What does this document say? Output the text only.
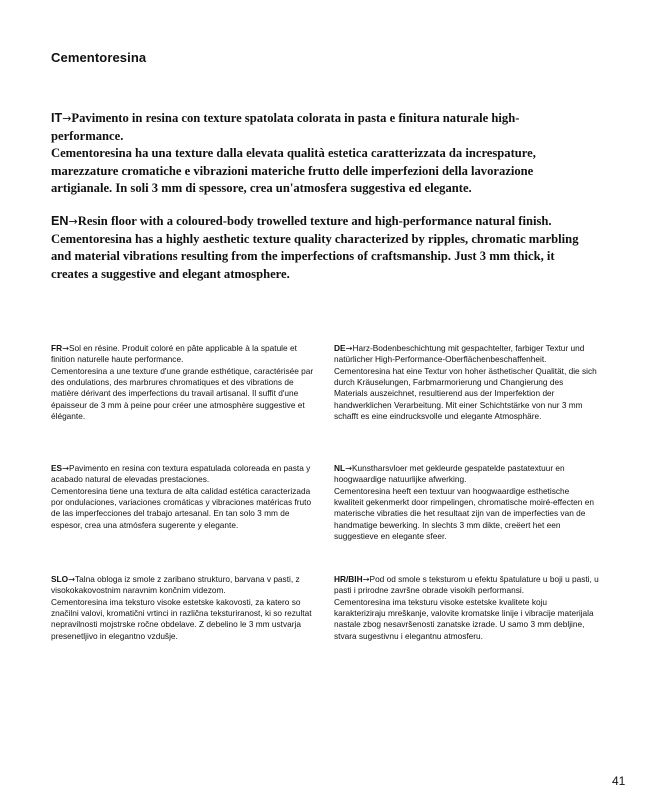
Cementoresina

IT→Pavimento in resina con texture spatolata colorata in pasta e finitura naturale high-performance.

Cementoresina ha una texture dalla elevata qualità estetica caratterizzata da increspature, marezzature cromatiche e vibrazioni materiche frutto delle imperfezioni della lavorazione artigianale. In soli 3 mm di spessore, crea un'atmosfera suggestiva ed elegante.

EN→Resin floor with a coloured-body trowelled texture and high-performance natural finish.

Cementoresina has a highly aesthetic texture quality characterized by ripples, chromatic marbling and material vibrations resulting from the imperfections of craftsmanship. Just 3 mm thick, it creates a suggestive and elegant atmosphere.

FR→Sol en résine. Produit coloré en pâte applicable à la spatule et finition naturelle haute performance.

Cementoresina a une texture d'une grande esthétique, caractérisée par des ondulations, des marbrures chromatiques et des vibrations de matière dérivant des imperfections du travail artisanal. Il suffit d'une épaisseur de 3 mm à peine pour créer une atmosphère suggestive et élégante.

DE→Harz-Bodenbeschichtung mit gespachtelter, farbiger Textur und natürlicher High-Performance-Oberflächenbeschaffenheit.

Cementoresina hat eine Textur von hoher ästhetischer Qualität, die sich durch Kräuselungen, Farbmarmorierung und Changierung des Materials auszeichnet, resultierend aus der Imperfektion der handwerklichen Verarbeitung. Mit einer Schichtstärke von nur 3 mm schafft es eine eindrucksvolle und elegante Atmosphäre.

ES→Pavimento en resina con textura espatulada coloreada en pasta y acabado natural de elevadas prestaciones.

Cementoresina tiene una textura de alta calidad estética caracterizada por ondulaciones, variaciones cromáticas y vibraciones matéricas fruto de las imperfecciones del trabajo artesanal. En tan solo 3 mm de espesor, crea una atmósfera sugerente y elegante.

NL→Kunstharsvloer met gekleurde gespatelde pastatextuur en hoogwaardige natuurlijke afwerking.

Cementoresina heeft een textuur van hoogwaardige esthetische kwaliteit gekenmerkt door rimpelingen, chromatische moiré-effecten en materische vibraties die het resultaat zijn van de imperfecties van de handmatige bewerking. In slechts 3 mm dikte, creëert het een suggestieve en elegante sfeer.

SLO→Talna obloga iz smole z zaribano strukturo, barvana v pasti, z visokokakovostnim naravnim končnim videzom.

Cementoresina ima teksturo visoke estetske kakovosti, za katero so značilni valovi, kromatični vrtinci in različna teksturiranost, ki so rezultat nepravilnosti mojstrske ročne obdelave. Z debelino le 3 mm ustvarja presenetljivo in elegantno vzdušje.

HR/BIH→Pod od smole s teksturom u efektu špatulature u boji u pasti, u pasti i prirodne završne obrade visokih performansi.

Cementoresina ima teksturu visoke estetske kvalitete koju karakteriziraju mreškanje, valovite kromatske linije i vibracije materijala nastale zbog nesavršenosti zanatske izrade. U samo 3 mm debljine, stvara sugestivnu i elegantnu atmosferu.

41
